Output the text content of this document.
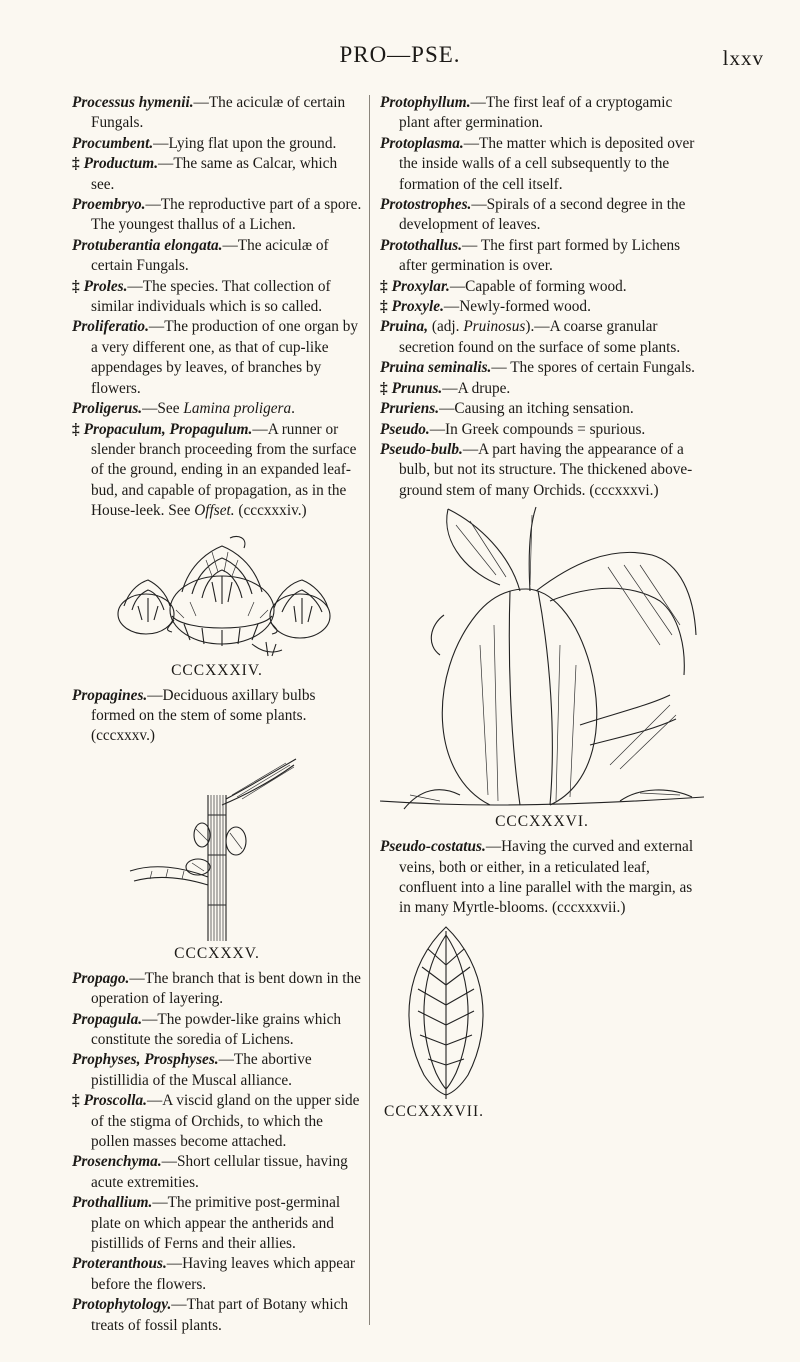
PRO—PSE.	lxxv

Processus hymenii.—The aciculæ of certain Fungals.

Procumbent.—Lying flat upon the ground.

‡ Productum.—The same as Calcar, which see.

Proembryo.—The reproductive part of a spore. The youngest thallus of a Lichen.

Protuberantia elongata.—The aciculæ of certain Fungals.

‡ Proles.—The species. That collection of similar individuals which is so called.

Proliferatio.—The production of one organ by a very different one, as that of cup-like appendages by leaves, of branches by flowers.

Proligerus.—See Lamina proligera.

‡ Propaculum, Propagulum.—A runner or slender branch proceeding from the surface of the ground, ending in an expanded leaf-bud, and capable of propagation, as in the House-leek. See Offset. (cccxxxiv.)

CCCXXXIV.

Propagines.—Deciduous axillary bulbs formed on the stem of some plants. (cccxxxv.)

CCCXXXV.

Propago.—The branch that is bent down in the operation of layering.

Propagula.—The powder-like grains which constitute the soredia of Lichens.

Prophyses, Prosphyses.—The abortive pistillidia of the Muscal alliance.

‡ Proscolla.—A viscid gland on the upper side of the stigma of Orchids, to which the pollen masses become attached.

Prosenchyma.—Short cellular tissue, having acute extremities.

Prothallium.—The primitive post-germinal plate on which appear the antherids and pistillids of Ferns and their allies.

Proteranthous.—Having leaves which appear before the flowers.

Protophytology.—That part of Botany which treats of fossil plants.

Protophyllum.—The first leaf of a cryptogamic plant after germination.

Protoplasma.—The matter which is deposited over the inside walls of a cell subsequently to the formation of the cell itself.

Protostrophes.—Spirals of a second degree in the development of leaves.

Protothallus.— The first part formed by Lichens after germination is over.

‡ Proxylar.—Capable of forming wood.

‡ Proxyle.—Newly-formed wood.

Pruina, (adj. Pruinosus).—A coarse granular secretion found on the surface of some plants.

Pruina seminalis.— The spores of certain Fungals.

‡ Prunus.—A drupe.

Pruriens.—Causing an itching sensation.

Pseudo.—In Greek compounds = spurious.

Pseudo-bulb.—A part having the appearance of a bulb, but not its structure. The thickened above-ground stem of many Orchids. (cccxxxvi.)

CCCXXXVI.

Pseudo-costatus.—Having the curved and external veins, both or either, in a reticulated leaf, confluent into a line parallel with the margin, as in many Myrtle-blooms. (cccxxxvii.)

CCCXXXVII.
